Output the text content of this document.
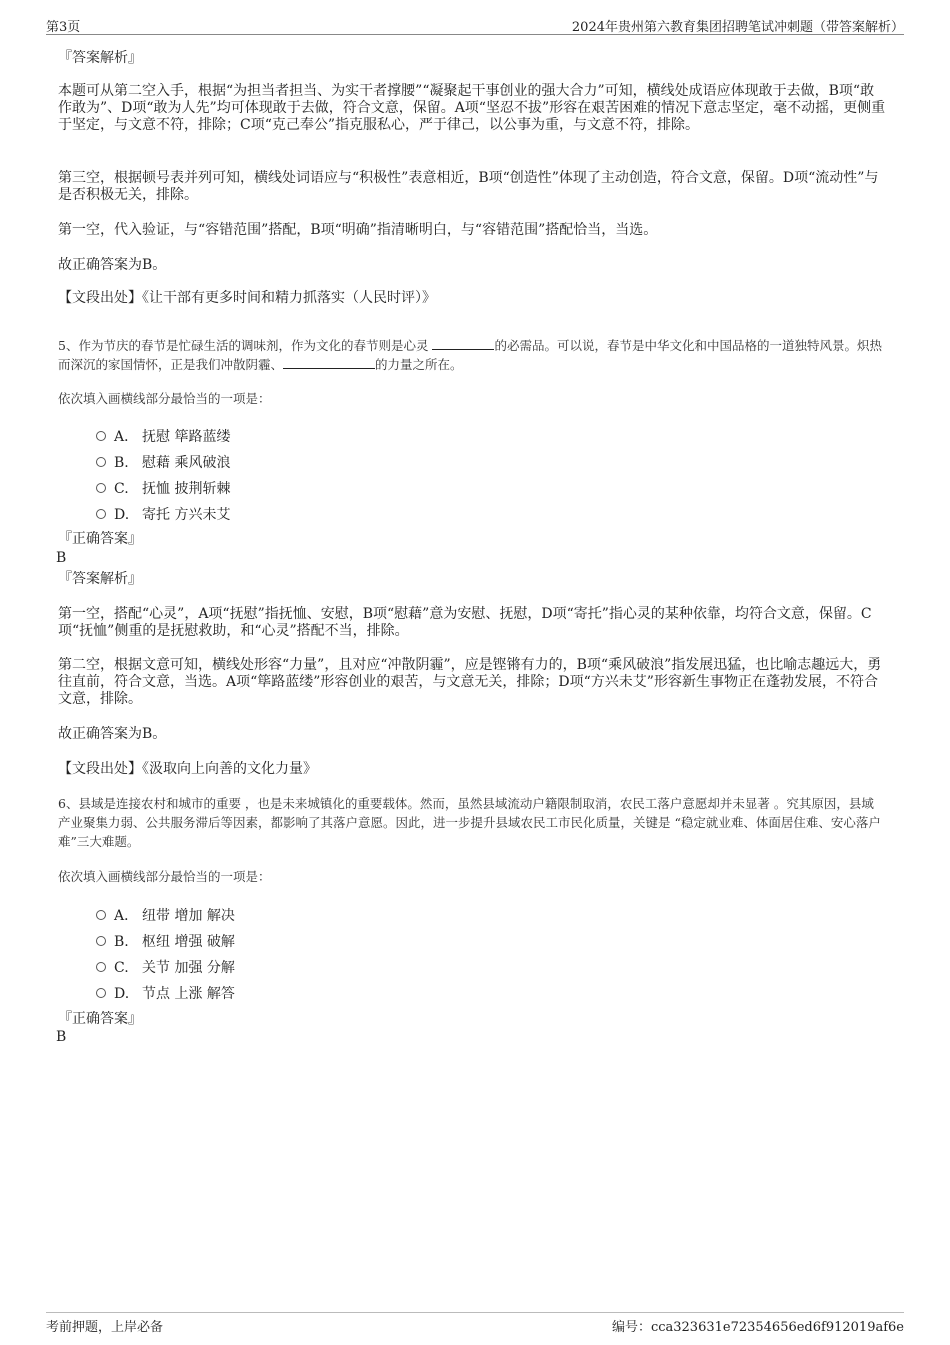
第3页	2024年贵州第六教育集团招聘笔试冲刺题（带答案解析）
『答案解析』
本题可从第二空入手，根据“为担当者担当、为实干者撑腰”“凝聚起干事创业的强大合力”可知，横线处成语应体现敢于去做，B项“敢作敢为”、D项“敢为人先”均可体现敢于去做，符合文意，保留。A项“坚忍不拔”形容在艰苦困难的情况下意志坚定，毫不动摇，更侧重于坚定，与文意不符，排除；C项“克己奉公”指克服私心，严于律己，以公事为重，与文意不符，排除。
第三空，根据顿号表并列可知，横线处词语应与“积极性”表意相近，B项“创造性”体现了主动创造，符合文意，保留。D项“流动性”与是否积极无关，排除。
第一空，代入验证，与“容错范围”搭配，B项“明确”指清晰明白，与“容错范围”搭配恰当，当选。
故正确答案为B。
【文段出处】《让干部有更多时间和精力抓落实（人民时评）》
5、作为节庆的春节是忙碌生活的调味剂，作为文化的春节则是心灵	的必需品。可以说，春节是中华文化和中国品格的一道独特风景。炽热而深沉的家国情怀，正是我们冲散阴霾、	的力量之所在。
依次填入画横线部分最恰当的一项是：
A． 抚慰 筚路蓝缕
B. 慰藉 乘风破浪
C. 抚恤 披荆斩棘
D. 寄托 方兴未艾
『正确答案』
B
『答案解析』
第一空，搭配“心灵”，A项“抚慰”指抚恤、安慰，B项“慰藉”意为安慰、抚慰，D项“寄托”指心灵的某种依靠，均符合文意，保留。C项“抚恤”侧重的是抚慰救助，和“心灵”搭配不当，排除。
第二空，根据文意可知，横线处形容“力量”，且对应“冲散阴霾”，应是铿锵有力的，B项“乘风破浪”指发展迅猛，也比喻志趣远大，勇往直前，符合文意，当选。A项“筚路蓝缕”形容创业的艰苦，与文意无关，排除；D项“方兴未艾”形容新生事物正在蓬勃发展，不符合文意，排除。
故正确答案为B。
【文段出处】《汲取向上向善的文化力量》
6、县域是连接农村和城市的重要 ，也是未来城镇化的重要载体。然而，虽然县域流动户籍限制取消，农民工落户意愿却并未显著 。究其原因，县域产业聚集力弱、公共服务滞后等因素，都影响了其落户意愿。因此，进一步提升县域农民工市民化质量，关键是 “稳定就业难、体面居住难、安心落户难”三大难题。
依次填入画横线部分最恰当的一项是：
A． 纽带 增加 解决
B. 枢纽 增强 破解
C. 关节 加强 分解
D. 节点 上涨 解答
『正确答案』
B
考前押题，上岸必备	编号：cca323631e72354656ed6f912019af6e
